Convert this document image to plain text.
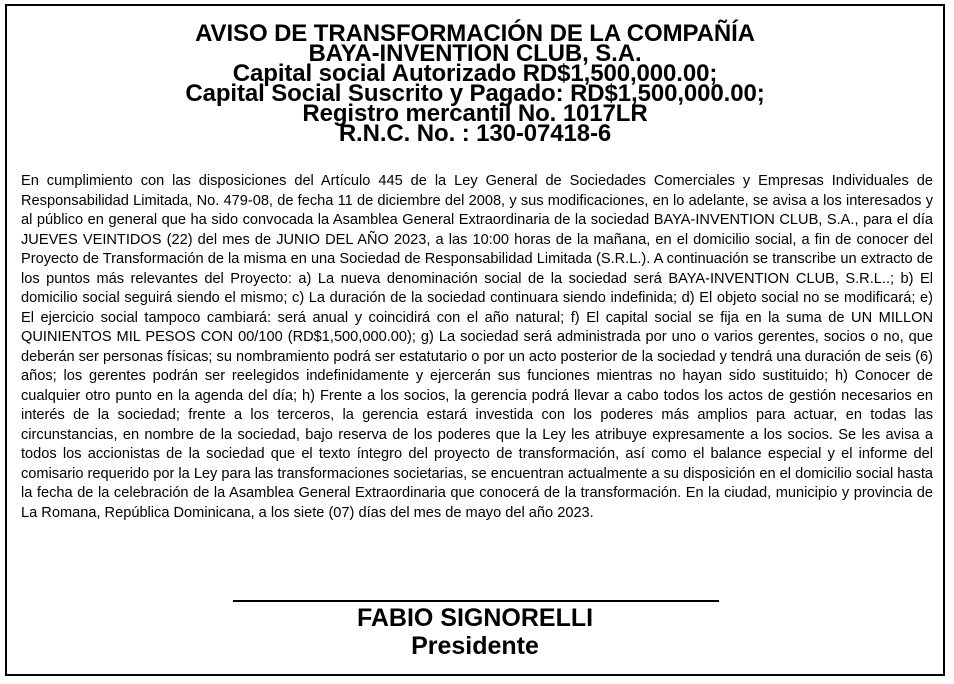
AVISO DE TRANSFORMACIÓN DE LA COMPAÑÍA
BAYA-INVENTION CLUB, S.A.
Capital social Autorizado RD$1,500,000.00;
Capital Social Suscrito y Pagado: RD$1,500,000.00;
Registro mercantil No. 1017LR
R.N.C. No. : 130-07418-6
En cumplimiento con las disposiciones del Artículo 445 de la Ley General de Sociedades Comerciales y Empresas Individuales de Responsabilidad Limitada, No. 479-08, de fecha 11 de diciembre del 2008, y sus modificaciones, en lo adelante, se avisa a los interesados y al público en general que ha sido convocada la Asamblea General Extraordinaria de la sociedad BAYA-INVENTION CLUB, S.A., para el día JUEVES VEINTIDOS (22) del mes de JUNIO DEL AÑO 2023, a las 10:00 horas de la mañana, en el domicilio social, a fin de conocer del Proyecto de Transformación de la misma en una Sociedad de Responsabilidad Limitada (S.R.L.). A continuación se transcribe un extracto de los puntos más relevantes del Proyecto: a) La nueva denominación social de la sociedad será BAYA-INVENTION CLUB, S.R.L..; b) El domicilio social seguirá siendo el mismo; c) La duración de la sociedad continuara siendo indefinida; d) El objeto social no se modificará; e) El ejercicio social tampoco cambiará: será anual y coincidirá con el año natural; f) El capital social se fija en la suma de UN MILLON QUINIENTOS MIL PESOS CON 00/100 (RD$1,500,000.00); g) La sociedad será administrada por uno o varios gerentes, socios o no, que deberán ser personas físicas; su nombramiento podrá ser estatutario o por un acto posterior de la sociedad y tendrá una duración de seis (6) años; los gerentes podrán ser reelegidos indefinidamente y ejercerán sus funciones mientras no hayan sido sustituido; h) Conocer de cualquier otro punto en la agenda del día; h) Frente a los socios, la gerencia podrá llevar a cabo todos los actos de gestión necesarios en interés de la sociedad; frente a los terceros, la gerencia estará investida con los poderes más amplios para actuar, en todas las circunstancias, en nombre de la sociedad, bajo reserva de los poderes que la Ley les atribuye expresamente a los socios. Se les avisa a todos los accionistas de la sociedad que el texto íntegro del proyecto de transformación, así como el balance especial y el informe del comisario requerido por la Ley para las transformaciones societarias, se encuentran actualmente a su disposición en el domicilio social hasta la fecha de la celebración de la Asamblea General Extraordinaria que conocerá de la transformación. En la ciudad, municipio y provincia de La Romana, República Dominicana, a los siete (07) días del mes de mayo del año 2023.
FABIO SIGNORELLI
Presidente
